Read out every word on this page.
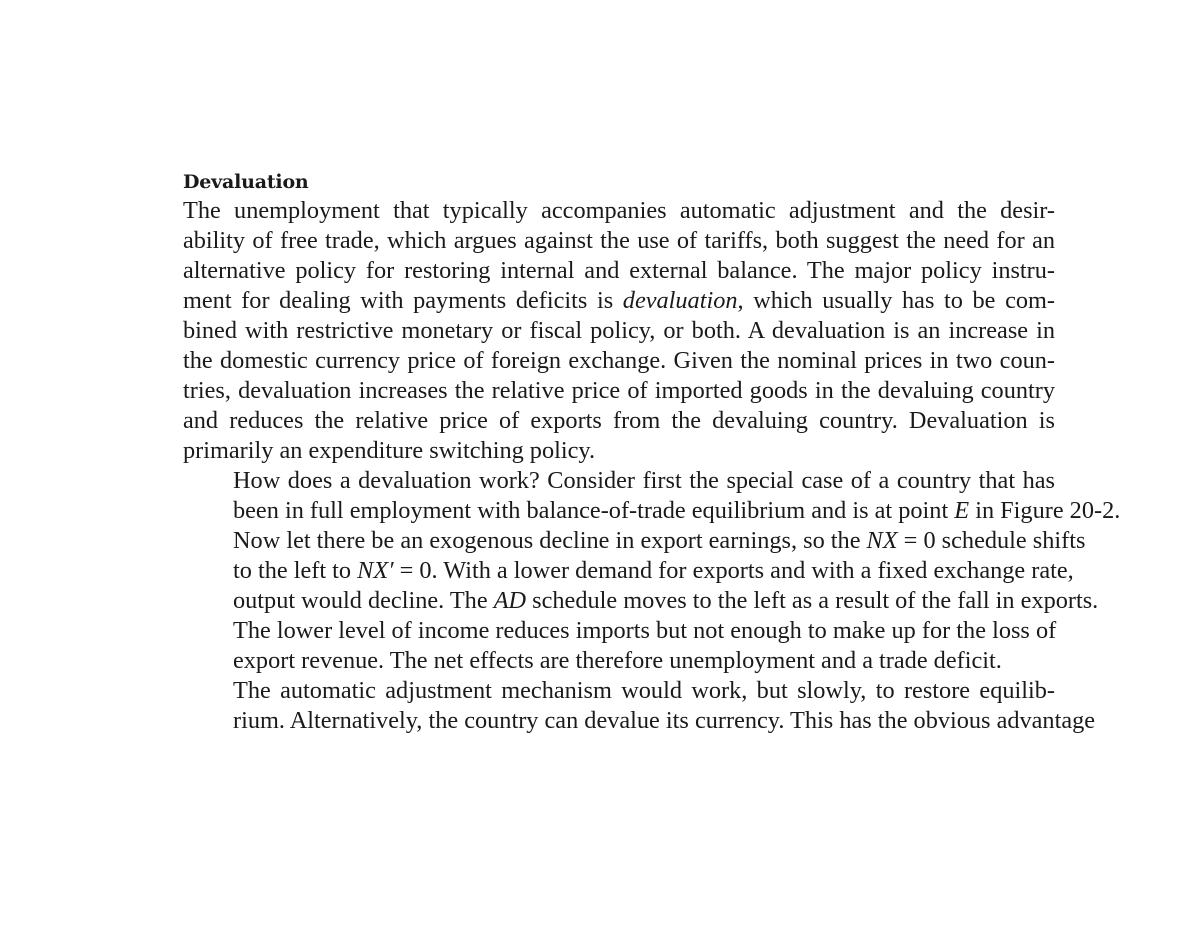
Devaluation

The unemployment that typically accompanies automatic adjustment and the desir-
ability of free trade, which argues against the use of tariffs, both suggest the need for an
alternative policy for restoring internal and external balance. The major policy instru-
ment for dealing with payments deficits is devaluation, which usually has to be com-
bined with restrictive monetary or fiscal policy, or both. A devaluation is an increase in
the domestic currency price of foreign exchange. Given the nominal prices in two coun-
tries, devaluation increases the relative price of imported goods in the devaluing country
and reduces the relative price of exports from the devaluing country. Devaluation is
primarily an expenditure switching policy.

How does a devaluation work? Consider first the special case of a country that has
been in full employment with balance-of-trade equilibrium and is at point E in Figure 20-2.
Now let there be an exogenous decline in export earnings, so the NX = 0 schedule shifts
to the left to NX′ = 0. With a lower demand for exports and with a fixed exchange rate,
output would decline. The AD schedule moves to the left as a result of the fall in exports.
The lower level of income reduces imports but not enough to make up for the loss of
export revenue. The net effects are therefore unemployment and a trade deficit.

The automatic adjustment mechanism would work, but slowly, to restore equilib-
rium. Alternatively, the country can devalue its currency. This has the obvious advantage
